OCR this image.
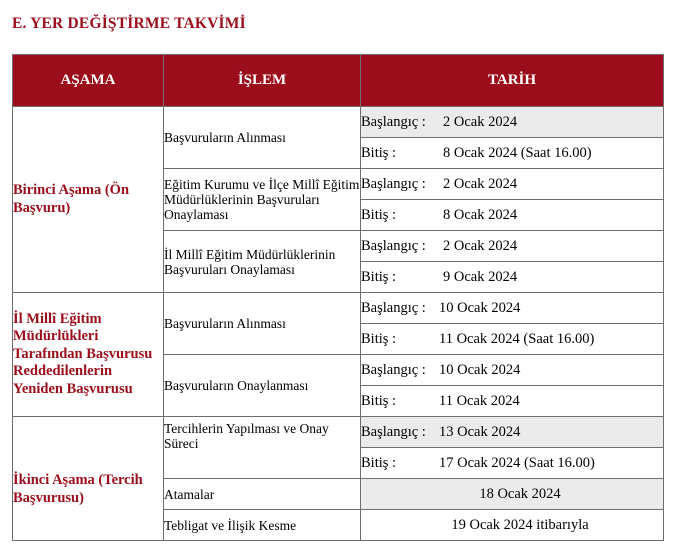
E. YER DEĞİŞTİRME TAKVİMİ
AŞAMA	İŞLEM	TARİH
Birinci Aşama (Ön Başvuru)	Başvuruların Alınması	Başlangıç : 2 Ocak 2024
		Bitiş : 8 Ocak 2024 (Saat 16.00)
	Eğitim Kurumu ve İlçe Millî Eğitim Müdürlüklerinin Başvuruları Onaylaması	Başlangıç : 2 Ocak 2024
		Bitiş : 8 Ocak 2024
	İl Millî Eğitim Müdürlüklerinin Başvuruları Onaylaması	Başlangıç : 2 Ocak 2024
		Bitiş : 9 Ocak 2024
İl Millî Eğitim Müdürlükleri Tarafından Başvurusu Reddedilenlerin Yeniden Başvurusu	Başvuruların Alınması	Başlangıç : 10 Ocak 2024
		Bitiş : 11 Ocak 2024 (Saat 16.00)
	Başvuruların Onaylanması	Başlangıç : 10 Ocak 2024
		Bitiş : 11 Ocak 2024
İkinci Aşama (Tercih Başvurusu)	Tercihlerin Yapılması ve Onay Süreci	Başlangıç : 13 Ocak 2024
		Bitiş : 17 Ocak 2024 (Saat 16.00)
	Atamalar	18 Ocak 2024
	Tebligat ve İlişik Kesme	19 Ocak 2024 itibarıyla
